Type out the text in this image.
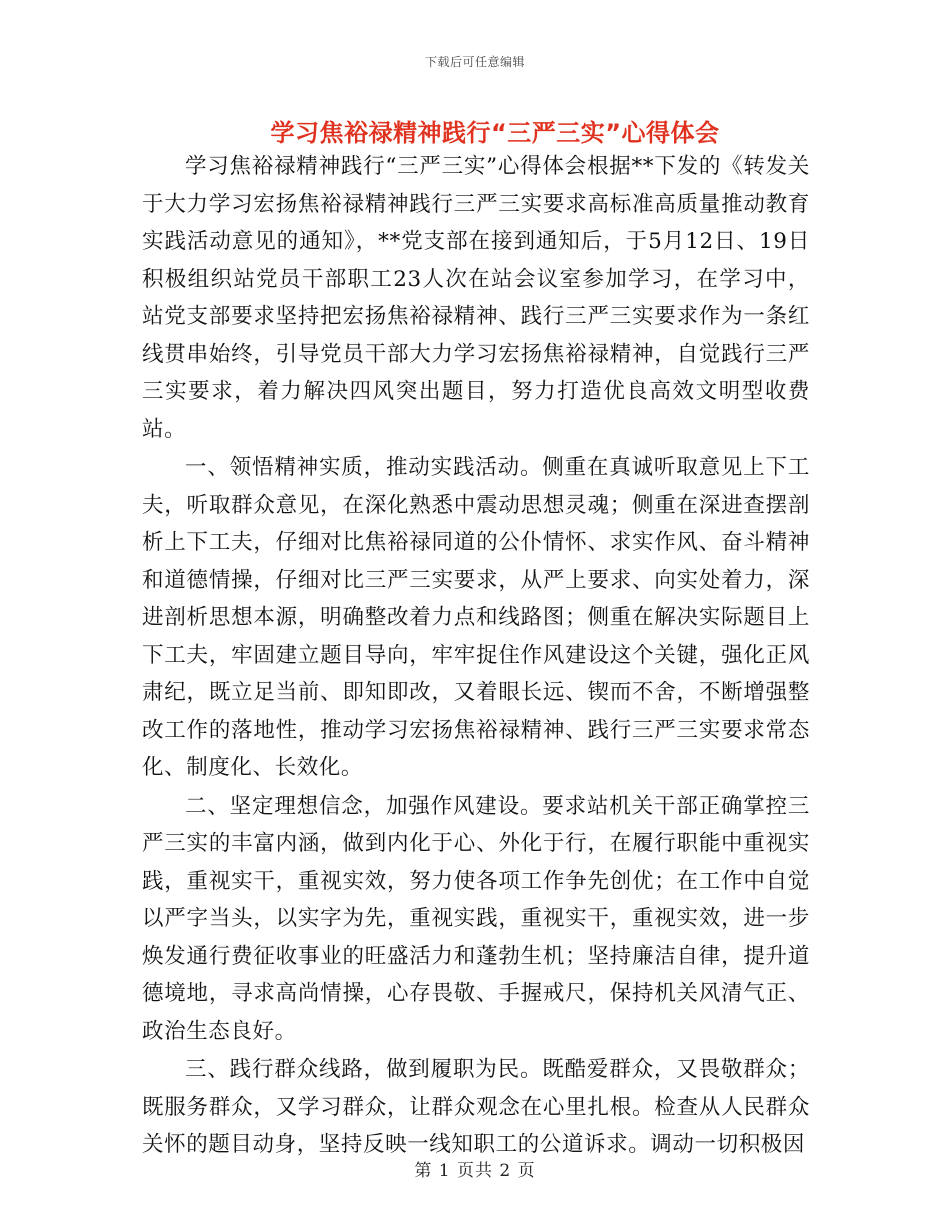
下载后可任意编辑
学习焦裕禄精神践行“三严三实”心得体会

学习焦裕禄精神践行“三严三实”心得体会根据**下发的《转发关于大力学习宏扬焦裕禄精神践行三严三实要求高标准高质量推动教育实践活动意见的通知》，**党支部在接到通知后，于5月12日、19日积极组织站党员干部职工23人次在站会议室参加学习，在学习中，站党支部要求坚持把宏扬焦裕禄精神、践行三严三实要求作为一条红线贯串始终，引导党员干部大力学习宏扬焦裕禄精神，自觉践行三严三实要求，着力解决四风突出题目，努力打造优良高效文明型收费站。

一、领悟精神实质，推动实践活动。侧重在真诚听取意见上下工夫，听取群众意见，在深化熟悉中震动思想灵魂；侧重在深进查摆剖析上下工夫，仔细对比焦裕禄同道的公仆情怀、求实作风、奋斗精神和道德情操，仔细对比三严三实要求，从严上要求、向实处着力，深进剖析思想本源，明确整改着力点和线路图；侧重在解决实际题目上下工夫，牢固建立题目导向，牢牢捉住作风建设这个关键，强化正风肃纪，既立足当前、即知即改，又着眼长远、锲而不舍，不断增强整改工作的落地性，推动学习宏扬焦裕禄精神、践行三严三实要求常态化、制度化、长效化。

二、坚定理想信念，加强作风建设。要求站机关干部正确掌控三严三实的丰富内涵，做到内化于心、外化于行，在履行职能中重视实践，重视实干，重视实效，努力使各项工作争先创优；在工作中自觉以严字当头，以实字为先，重视实践，重视实干，重视实效，进一步焕发通行费征收事业的旺盛活力和蓬勃生机；坚持廉洁自律，提升道德境地，寻求高尚情操，心存畏敬、手握戒尺，保持机关风清气正、政治生态良好。

三、践行群众线路，做到履职为民。既酷爱群众，又畏敬群众；既服务群众，又学习群众，让群众观念在心里扎根。检查从人民群众关怀的题目动身，坚持反映一线知职工的公道诉求。调动一切积极因

第 1 页共 2 页
